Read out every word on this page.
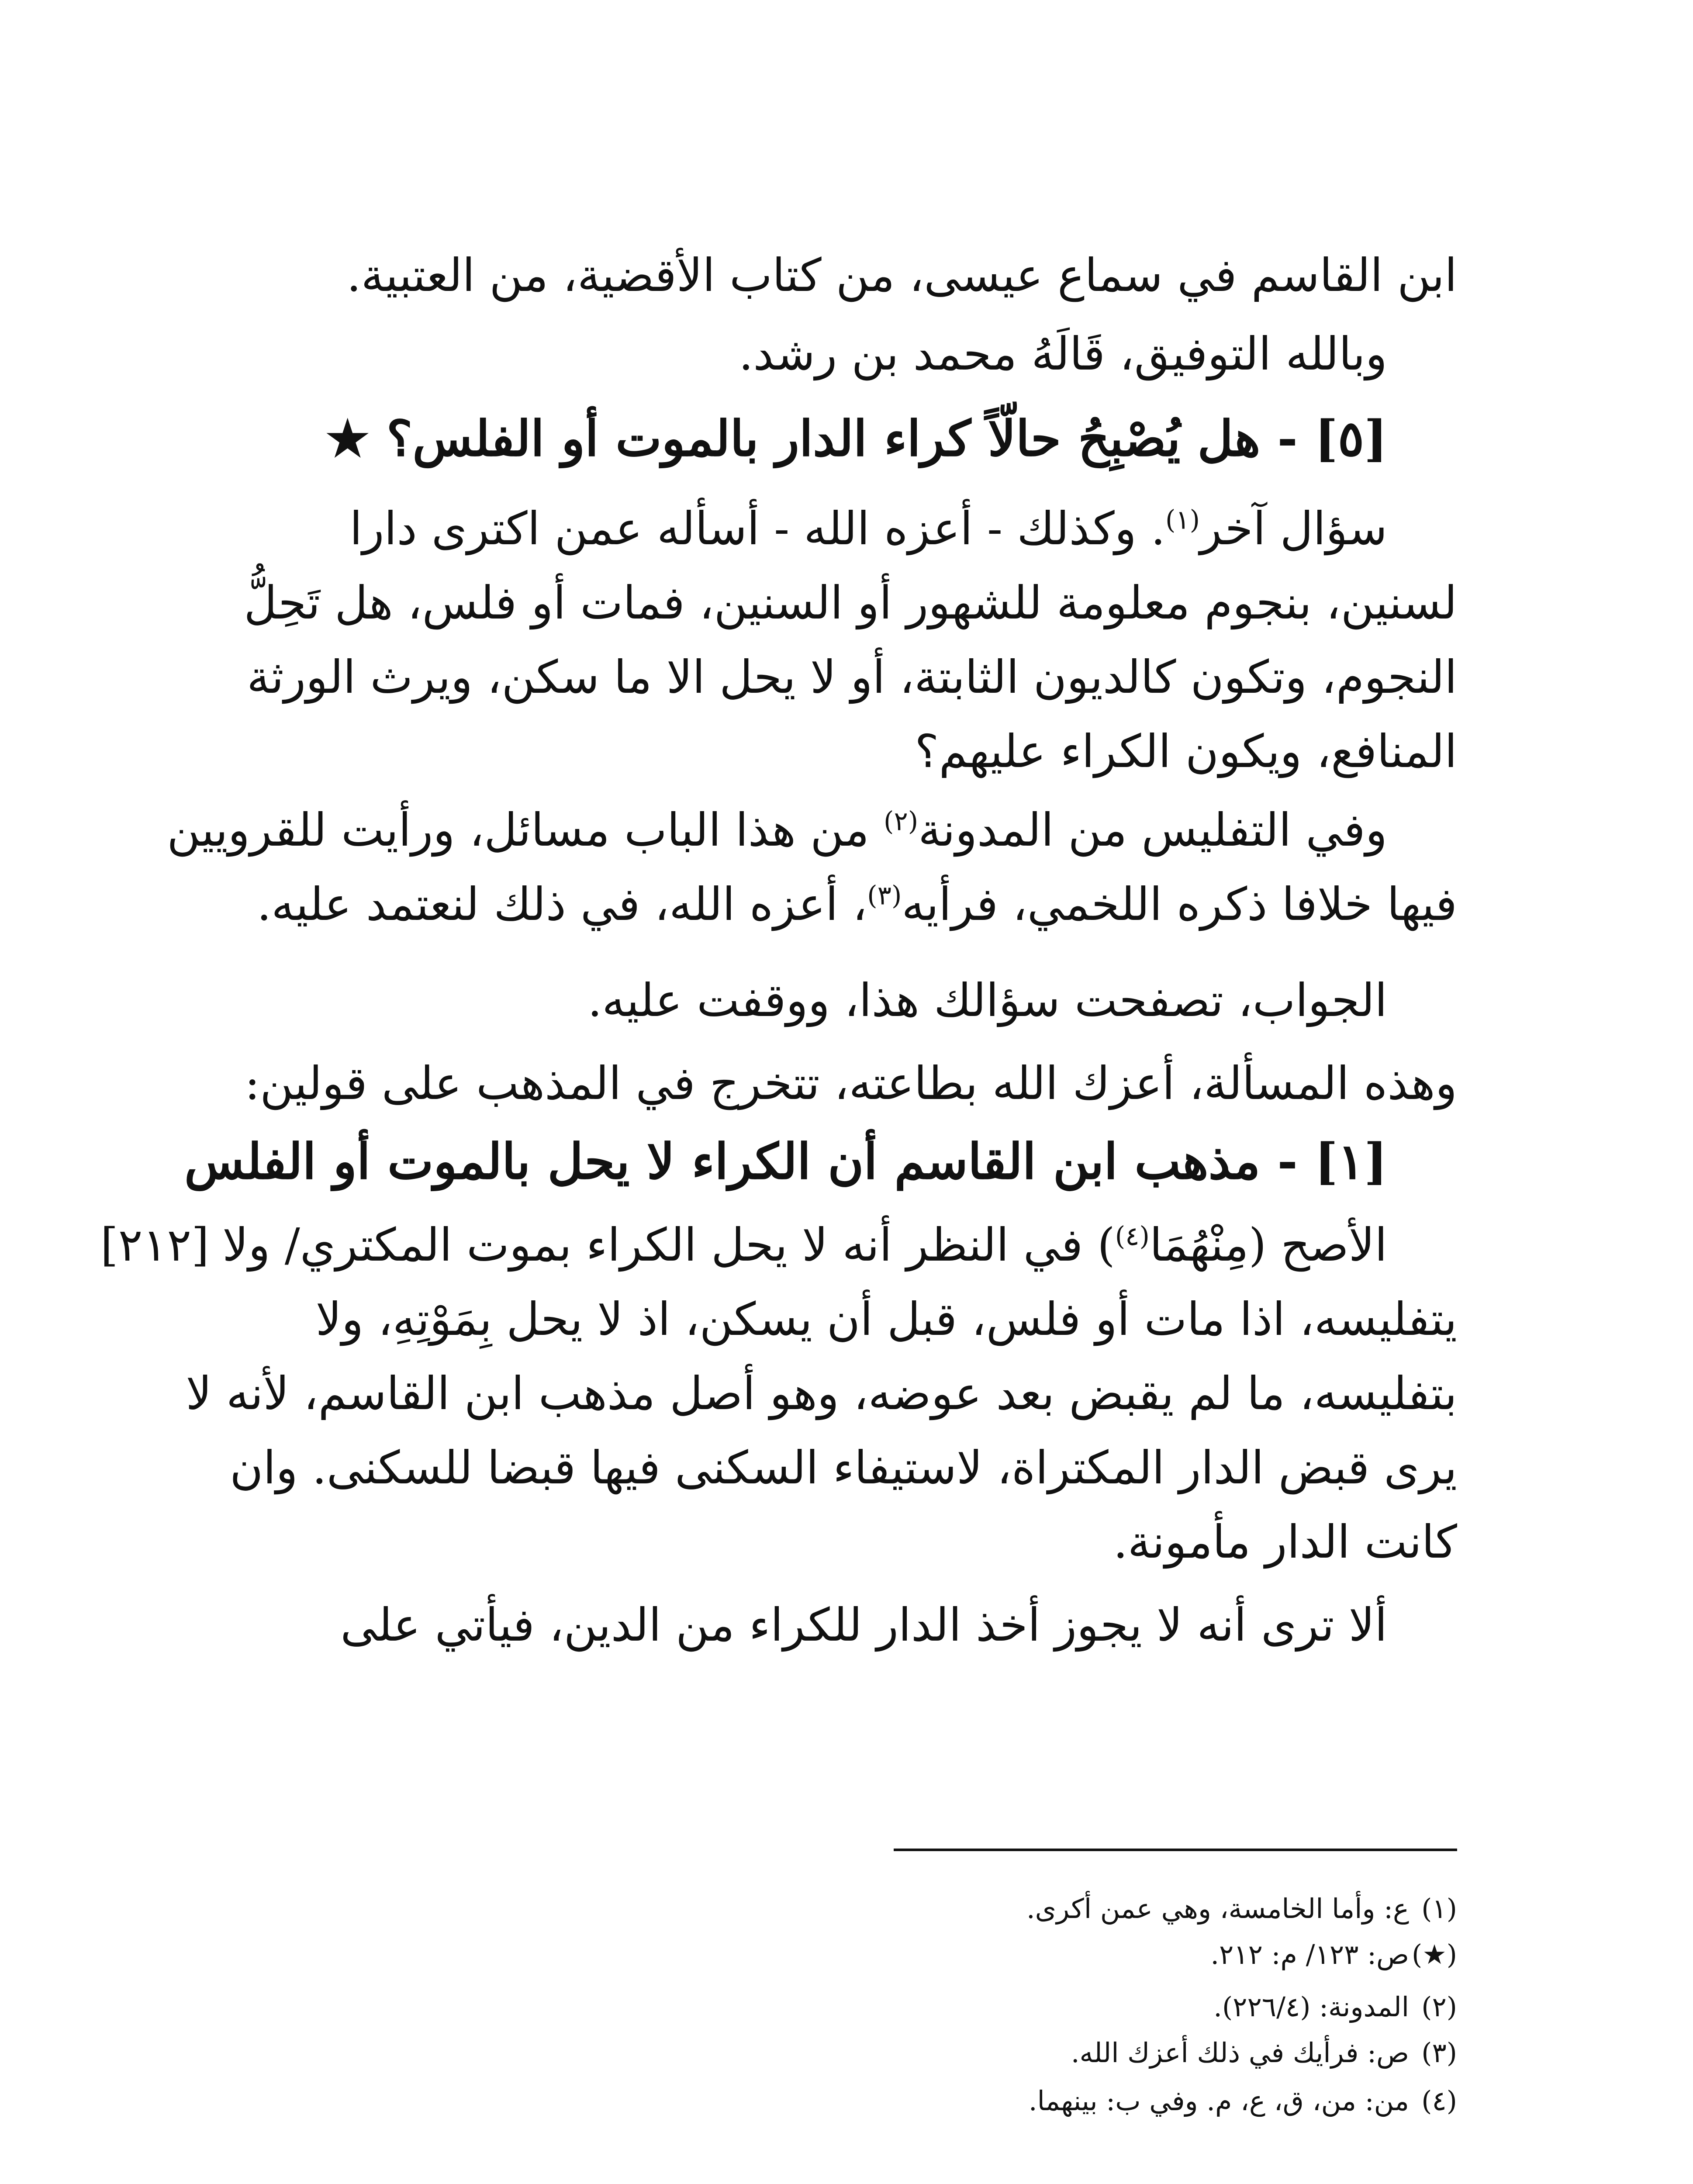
ابن القاسم في سماع عيسى، من كتاب الأقضية، من العتبية.
وبالله التوفيق، قَالَهُ محمد بن رشد.
[٥] - هل يُصْبِحُ حالّاً كراء الدار بالموت أو الفلس؟ ★
سؤال آخر$^{(١)}$. وكذلك - أعزه الله - أسأله عمن اكترى دارا
لسنين، بنجوم معلومة للشهور أو السنين، فمات أو فلس، هل تَحِلُّ
النجوم، وتكون كالديون الثابتة، أو لا يحل الا ما سكن، ويرث الورثة
المنافع، ويكون الكراء عليهم؟
وفي التفليس من المدونة$^{(٢)}$ من هذا الباب مسائل، ورأيت للقرويين
فيها خلافا ذكره اللخمي، فرأيه$^{(٣)}$، أعزه الله، في ذلك لنعتمد عليه.
الجواب، تصفحت سؤالك هذا، ووقفت عليه.
وهذه المسألة، أعزك الله بطاعته، تتخرج في المذهب على قولين:
[١] - مذهب ابن القاسم أن الكراء لا يحل بالموت أو الفلس
الأصح (مِنْهُمَا$^{(٤)}$) في النظر أنه لا يحل الكراء بموت المكتري/ ولا
يتفليسه، اذا مات أو فلس، قبل أن يسكن، اذ لا يحل بِمَوْتِهِ، ولا
بتفليسه، ما لم يقبض بعد عوضه، وهو أصل مذهب ابن القاسم، لأنه لا
يرى قبض الدار المكتراة، لاستيفاء السكنى فيها قبضا للسكنى. وان
كانت الدار مأمونة.
ألا ترى أنه لا يجوز أخذ الدار للكراء من الدين، فيأتي على
[٢١٢]
(١)ع: وأما الخامسة، وهي عمن أكرى.
(★)ص: ١٢٣/ م: ٢١٢.
(٢)المدونة: (٢٢٦/٤).
(٣)ص: فرأيك في ذلك أعزك الله.
(٤)من: من، ق، ع، م. وفي ب: بينهما.
